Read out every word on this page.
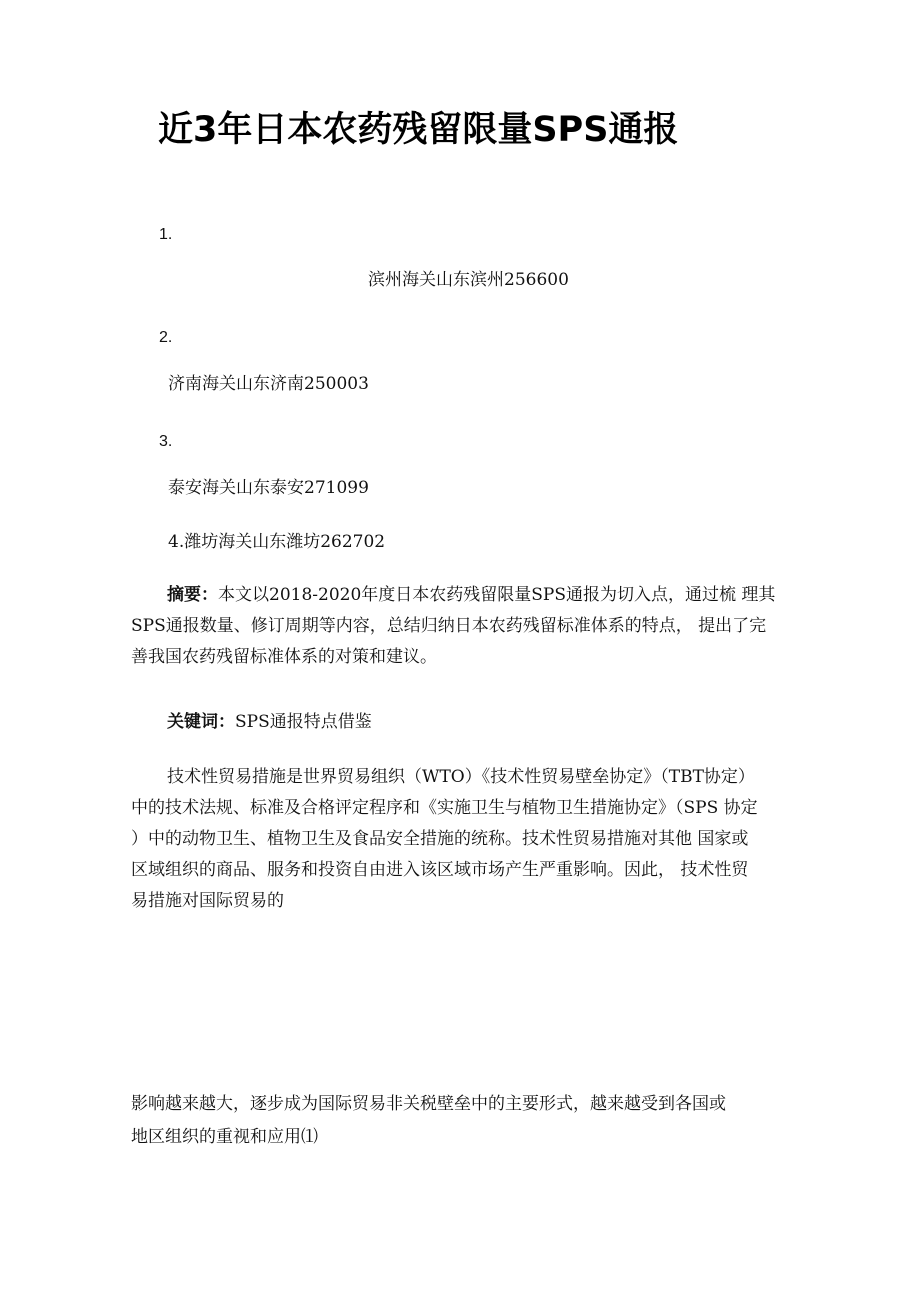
近3年日本农药残留限量SPS通报
1.
滨州海关山东滨州256600
2.
济南海关山东济南250003
3.
泰安海关山东泰安271099
4.潍坊海关山东潍坊262702
摘要：本文以2018-2020年度日本农药残留限量SPS通报为切入点，通过梳 理其
SPS通报数量、修订周期等内容，总结归纳日本农药残留标准体系的特点， 提出了完
善我国农药残留标准体系的对策和建议。
关键词：SPS通报特点借鉴
技术性贸易措施是世界贸易组织（WTO）《技术性贸易壁垒协定》（TBT协定）
中的技术法规、标准及合格评定程序和《实施卫生与植物卫生措施协定》（SPS 协定
）中的动物卫生、植物卫生及食品安全措施的统称。技术性贸易措施对其他 国家或
区域组织的商品、服务和投资自由进入该区域市场产生严重影响。因此， 技术性贸
易措施对国际贸易的
影响越来越大，逐步成为国际贸易非关税壁垒中的主要形式，越来越受到各国或
地区组织的重视和应用⑴
